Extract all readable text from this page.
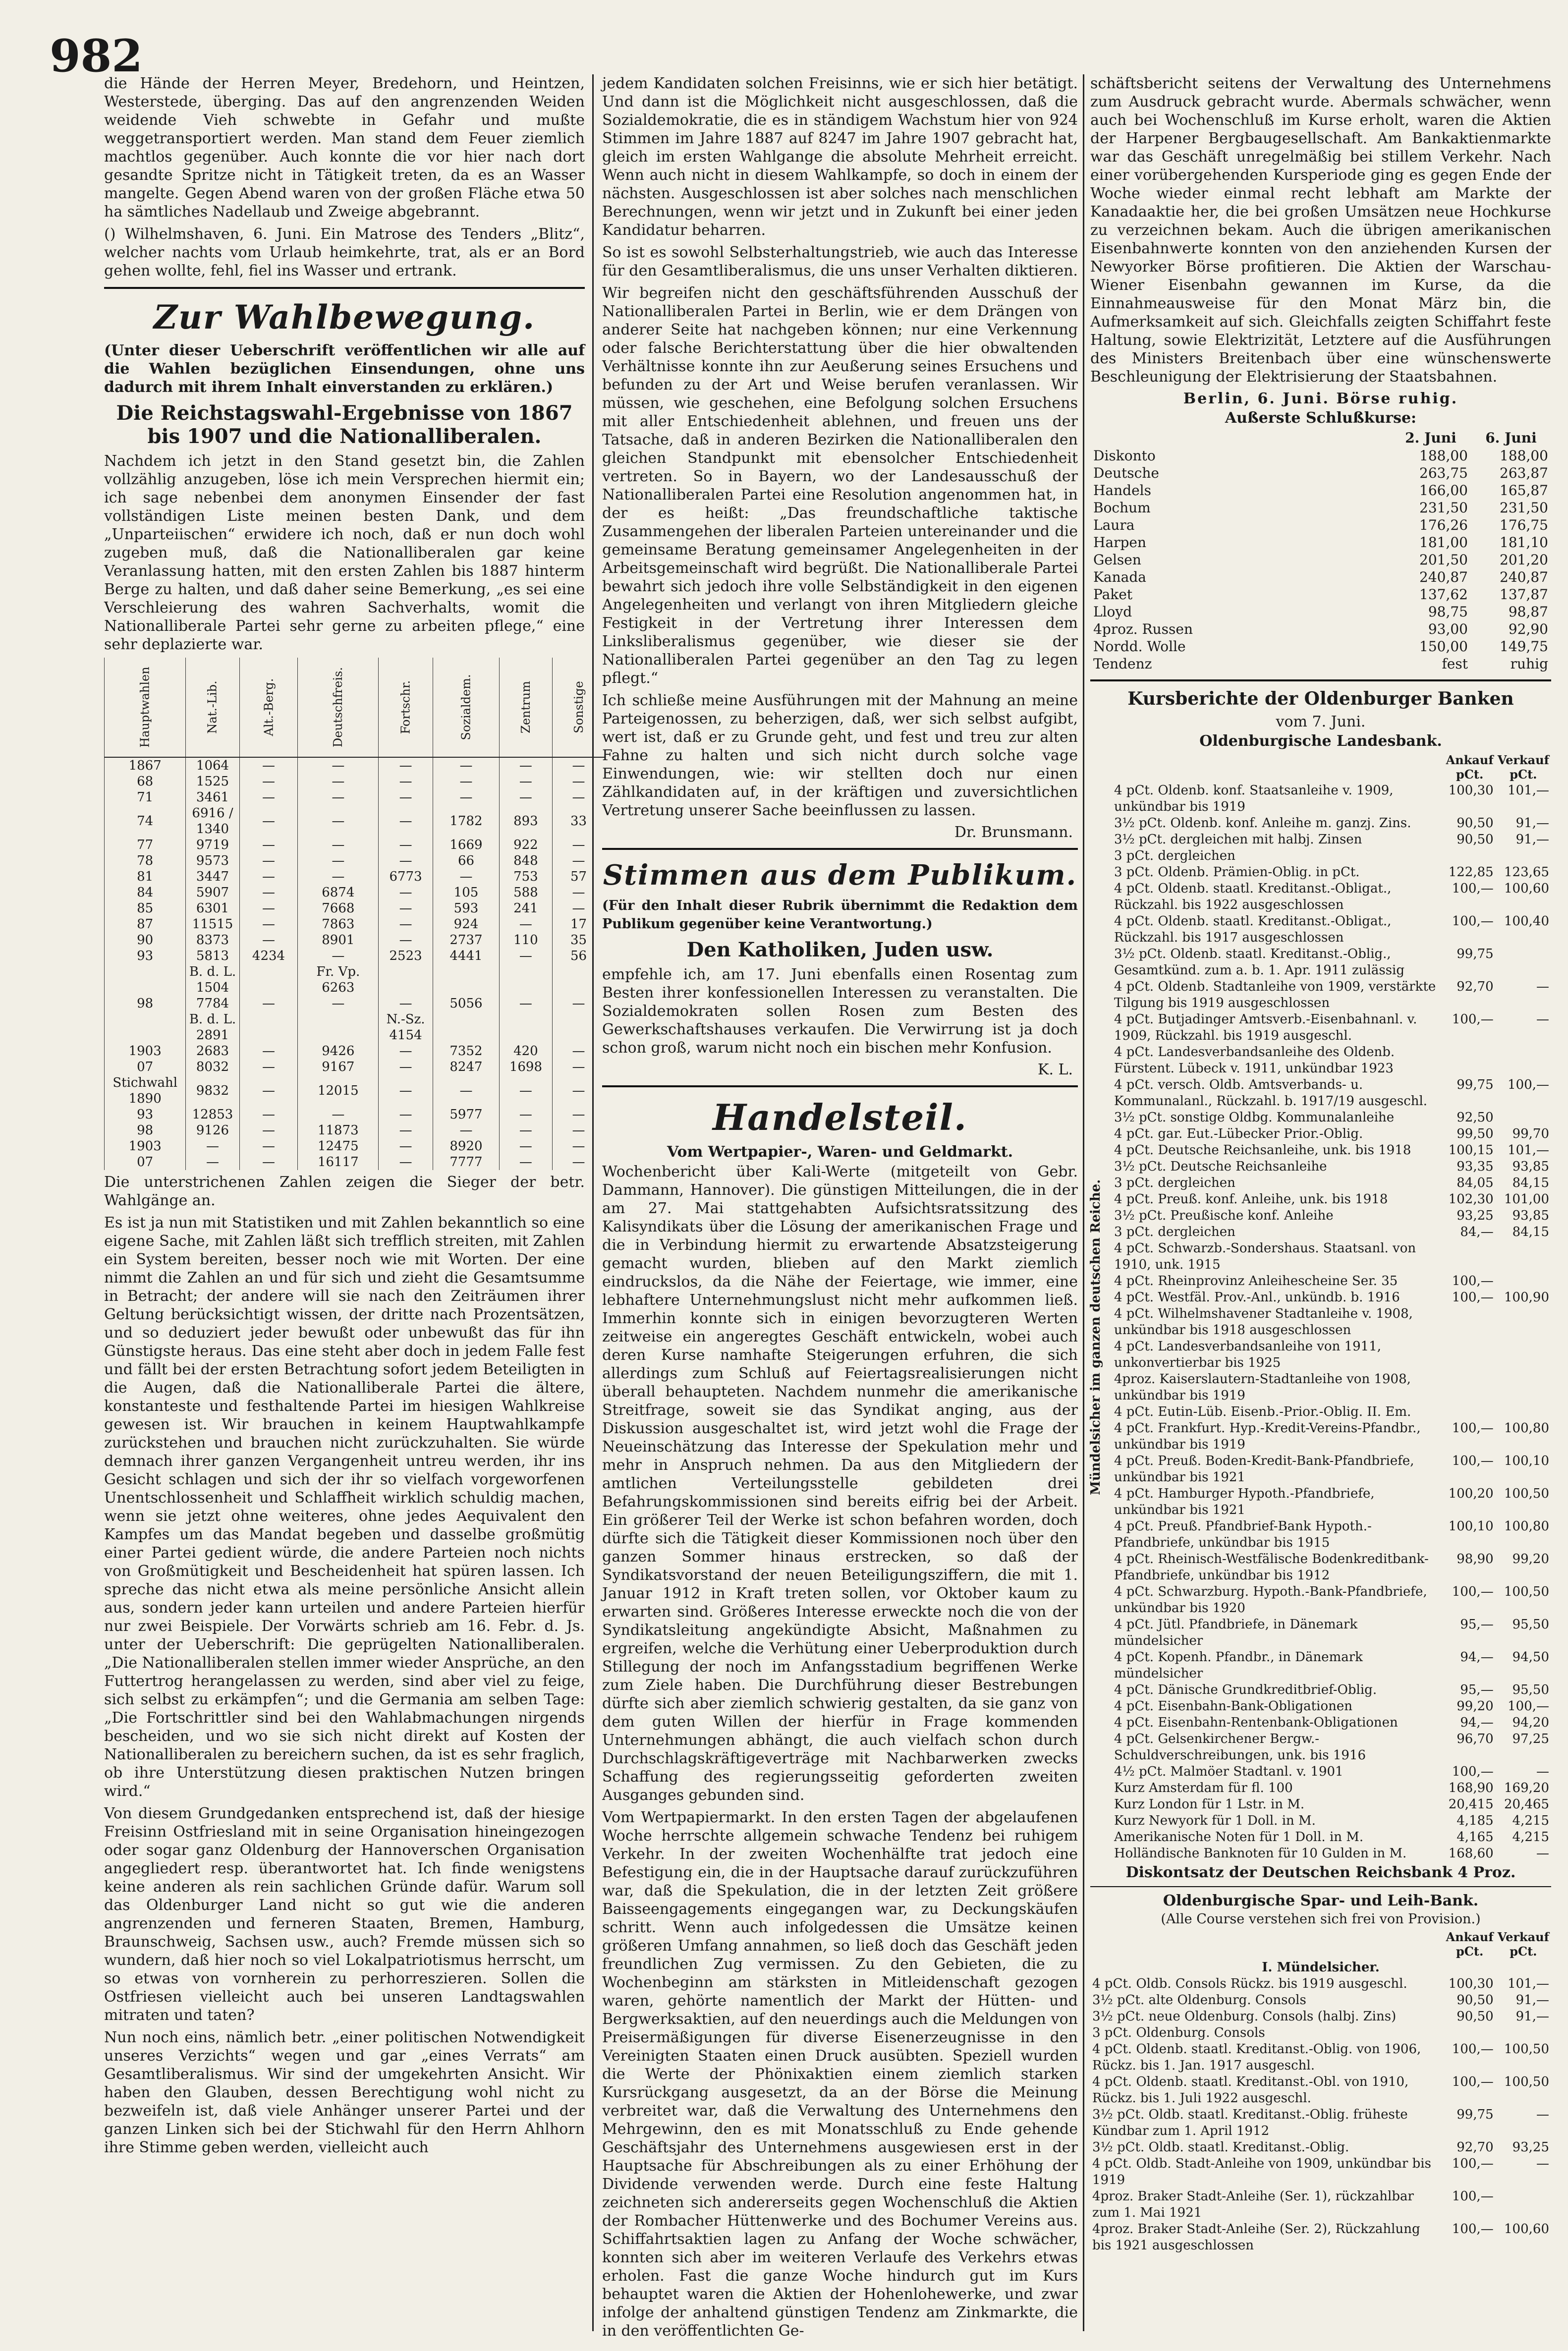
982

die Hände der Herren Meyer, Bredehorn, und Heintzen, Westerstede, überging. Das auf den angrenzenden Weiden weidende Vieh schwebte in Gefahr und mußte weggetransportiert werden. Man stand dem Feuer ziemlich machtlos gegenüber. Auch konnte die vor hier nach dort gesandte Spritze nicht in Tätigkeit treten, da es an Wasser mangelte. Gegen Abend waren von der großen Fläche etwa 50 ha sämtliches Nadellaub und Zweige abgebrannt.

() Wilhelmshaven, 6. Juni. Ein Matrose des Tenders „Blitz“, welcher nachts vom Urlaub heimkehrte, trat, als er an Bord gehen wollte, fehl, fiel ins Wasser und ertrank.

Zur Wahlbewegung.

(Unter dieser Ueberschrift veröffentlichen wir alle auf die Wahlen bezüglichen Einsendungen, ohne uns dadurch mit ihrem Inhalt einverstanden zu erklären.)

Die Reichstagswahl-Ergebnisse von 1867 bis 1907 und die Nationalliberalen.

Nachdem ich jetzt in den Stand gesetzt bin, die Zahlen vollzählig anzugeben, löse ich mein Versprechen hiermit ein; ich sage nebenbei dem anonymen Einsender der fast vollständigen Liste meinen besten Dank, und dem „Unparteiischen“ erwidere ich noch, daß er nun doch wohl zugeben muß, daß die Nationalliberalen gar keine Veranlassung hatten, mit den ersten Zahlen bis 1887 hinterm Berge zu halten, und daß daher seine Bemerkung, „es sei eine Verschleierung des wahren Sachverhalts, womit die Nationalliberale Partei sehr gerne zu arbeiten pflege,“ eine sehr deplazierte war.

Hauptwahlen	Nat.-Lib.	Alt.-Berg.	Deutschfreis.	Fortschr.	Sozialdem.	Zentrum	Sonstige
1867	1064	—	—	—	—	—	—
68	1525	—	—	—	—	—	—
71	3461	—	—	—	—	—	—
74	6916 / 1340	—	—	—	1782	893	33
77	9719	—	—	—	1669	922	—
78	9573	—	—	—	66	848	—
81	3447	—	—	6773	—	753	57
84	5907	—	6874	—	105	588	—
85	6301	—	7668	—	593	241	—
87	11515	—	7863	—	924	—	17
90	8373	—	8901	—	2737	110	35
93	5813	4234	—	2523	4441	—	56
	B. d. L. 1504		Fr. Vp. 6263				
98	7784	—	—	—	5056	—	—
	B. d. L. 2891			N.-Sz. 4154			
1903	2683	—	9426	—	7352	420	—
07	8032	—	9167	—	8247	1698	—
Stichwahl 1890	9832	—	12015	—	—	—	—
93	12853	—	—	—	5977	—	—
98	9126	—	11873	—	—	—	—
1903	—	—	12475	—	8920	—	—
07	—	—	16117	—	7777	—	—

Die unterstrichenen Zahlen zeigen die Sieger der betr. Wahlgänge an.

Es ist ja nun mit Statistiken und mit Zahlen bekanntlich so eine eigene Sache, mit Zahlen läßt sich trefflich streiten, mit Zahlen ein System bereiten, besser noch wie mit Worten. Der eine nimmt die Zahlen an und für sich und zieht die Gesamtsumme in Betracht; der andere will sie nach den Zeiträumen ihrer Geltung berücksichtigt wissen, der dritte nach Prozentsätzen, und so deduziert jeder bewußt oder unbewußt das für ihn Günstigste heraus. Das eine steht aber doch in jedem Falle fest und fällt bei der ersten Betrachtung sofort jedem Beteiligten in die Augen, daß die Nationalliberale Partei die ältere, konstanteste und festhaltende Partei im hiesigen Wahlkreise gewesen ist. Wir brauchen in keinem Hauptwahlkampfe zurückstehen und brauchen nicht zurückzuhalten. Sie würde demnach ihrer ganzen Vergangenheit untreu werden, ihr ins Gesicht schlagen und sich der ihr so vielfach vorgeworfenen Unentschlossenheit und Schlaffheit wirklich schuldig machen, wenn sie jetzt ohne weiteres, ohne jedes Aequivalent den Kampfes um das Mandat begeben und dasselbe großmütig einer Partei gedient würde, die andere Parteien noch nichts von Großmütigkeit und Bescheidenheit hat spüren lassen. Ich spreche das nicht etwa als meine persönliche Ansicht allein aus, sondern jeder kann urteilen und andere Parteien hierfür nur zwei Beispiele. Der Vorwärts schrieb am 16. Febr. d. Js. unter der Ueberschrift: Die geprügelten Nationalliberalen. „Die Nationalliberalen stellen immer wieder Ansprüche, an den Futtertrog herangelassen zu werden, sind aber viel zu feige, sich selbst zu erkämpfen“; und die Germania am selben Tage: „Die Fortschrittler sind bei den Wahlabmachungen nirgends bescheiden, und wo sie sich nicht direkt auf Kosten der Nationalliberalen zu bereichern suchen, da ist es sehr fraglich, ob ihre Unterstützung diesen praktischen Nutzen bringen wird.“

Von diesem Grundgedanken entsprechend ist, daß der hiesige Freisinn Ostfriesland mit in seine Organisation hineingezogen oder sogar ganz Oldenburg der Hannoverschen Organisation angegliedert resp. überantwortet hat. Ich finde wenigstens keine anderen als rein sachlichen Gründe dafür. Warum soll das Oldenburger Land nicht so gut wie die anderen angrenzenden und ferneren Staaten, Bremen, Hamburg, Braunschweig, Sachsen usw., auch? Fremde müssen sich so wundern, daß hier noch so viel Lokalpatriotismus herrscht, um so etwas von vornherein zu perhorreszieren. Sollen die Ostfriesen vielleicht auch bei unseren Landtagswahlen mitraten und taten?

Nun noch eins, nämlich betr. „einer politischen Notwendigkeit unseres Verzichts“ wegen und gar „eines Verrats“ am Gesamtliberalismus. Wir sind der umgekehrten Ansicht. Wir haben den Glauben, dessen Berechtigung wohl nicht zu bezweifeln ist, daß viele Anhänger unserer Partei und der ganzen Linken sich bei der Stichwahl für den Herrn Ahlhorn ihre Stimme geben werden, vielleicht auch

jedem Kandidaten solchen Freisinns, wie er sich hier betätigt. Und dann ist die Möglichkeit nicht ausgeschlossen, daß die Sozialdemokratie, die es in ständigem Wachstum hier von 924 Stimmen im Jahre 1887 auf 8247 im Jahre 1907 gebracht hat, gleich im ersten Wahlgange die absolute Mehrheit erreicht. Wenn auch nicht in diesem Wahlkampfe, so doch in einem der nächsten. Ausgeschlossen ist aber solches nach menschlichen Berechnungen, wenn wir jetzt und in Zukunft bei einer jeden Kandidatur beharren.

So ist es sowohl Selbsterhaltungstrieb, wie auch das Interesse für den Gesamtliberalismus, die uns unser Verhalten diktieren.

Wir begreifen nicht den geschäftsführenden Ausschuß der Nationalliberalen Partei in Berlin, wie er dem Drängen von anderer Seite hat nachgeben können; nur eine Verkennung oder falsche Berichterstattung über die hier obwaltenden Verhältnisse konnte ihn zur Aeußerung seines Ersuchens und befunden zu der Art und Weise berufen veranlassen. Wir müssen, wie geschehen, eine Befolgung solchen Ersuchens mit aller Entschiedenheit ablehnen, und freuen uns der Tatsache, daß in anderen Bezirken die Nationalliberalen den gleichen Standpunkt mit ebensolcher Entschiedenheit vertreten. So in Bayern, wo der Landesausschuß der Nationalliberalen Partei eine Resolution angenommen hat, in der es heißt: „Das freundschaftliche taktische Zusammengehen der liberalen Parteien untereinander und die gemeinsame Beratung gemeinsamer Angelegenheiten in der Arbeitsgemeinschaft wird begrüßt. Die Nationalliberale Partei bewahrt sich jedoch ihre volle Selbständigkeit in den eigenen Angelegenheiten und verlangt von ihren Mitgliedern gleiche Festigkeit in der Vertretung ihrer Interessen dem Linksliberalismus gegenüber, wie dieser sie der Nationalliberalen Partei gegenüber an den Tag zu legen pflegt.“

Ich schließe meine Ausführungen mit der Mahnung an meine Parteigenossen, zu beherzigen, daß, wer sich selbst aufgibt, wert ist, daß er zu Grunde geht, und fest und treu zur alten Fahne zu halten und sich nicht durch solche vage Einwendungen, wie: wir stellten doch nur einen Zählkandidaten auf, in der kräftigen und zuversichtlichen Vertretung unserer Sache beeinflussen zu lassen.

Dr. Brunsmann.
Stimmen aus dem Publikum.

(Für den Inhalt dieser Rubrik übernimmt die Redaktion dem Publikum gegenüber keine Verantwortung.)

Den Katholiken, Juden usw.

empfehle ich, am 17. Juni ebenfalls einen Rosentag zum Besten ihrer konfessionellen Interessen zu veranstalten. Die Sozialdemokraten sollen Rosen zum Besten des Gewerkschaftshauses verkaufen. Die Verwirrung ist ja doch schon groß, warum nicht noch ein bischen mehr Konfusion.

K. L.
Handelsteil.
Vom Wertpapier-, Waren- und Geldmarkt.

Wochenbericht über Kali-Werte (mitgeteilt von Gebr. Dammann, Hannover). Die günstigen Mitteilungen, die in der am 27. Mai stattgehabten Aufsichtsratssitzung des Kalisyndikats über die Lösung der amerikanischen Frage und die in Verbindung hiermit zu erwartende Absatzsteigerung gemacht wurden, blieben auf den Markt ziemlich eindruckslos, da die Nähe der Feiertage, wie immer, eine lebhaftere Unternehmungslust nicht mehr aufkommen ließ. Immerhin konnte sich in einigen bevorzugteren Werten zeitweise ein angeregtes Geschäft entwickeln, wobei auch deren Kurse namhafte Steigerungen erfuhren, die sich allerdings zum Schluß auf Feiertagsrealisierungen nicht überall behaupteten. Nachdem nunmehr die amerikanische Streitfrage, soweit sie das Syndikat anging, aus der Diskussion ausgeschaltet ist, wird jetzt wohl die Frage der Neueinschätzung das Interesse der Spekulation mehr und mehr in Anspruch nehmen. Da aus den Mitgliedern der amtlichen Verteilungsstelle gebildeten drei Befahrungskommissionen sind bereits eifrig bei der Arbeit. Ein größerer Teil der Werke ist schon befahren worden, doch dürfte sich die Tätigkeit dieser Kommissionen noch über den ganzen Sommer hinaus erstrecken, so daß der Syndikatsvorstand der neuen Beteiligungsziffern, die mit 1. Januar 1912 in Kraft treten sollen, vor Oktober kaum zu erwarten sind. Größeres Interesse erweckte noch die von der Syndikatsleitung angekündigte Absicht, Maßnahmen zu ergreifen, welche die Verhütung einer Ueberproduktion durch Stillegung der noch im Anfangsstadium begriffenen Werke zum Ziele haben. Die Durchführung dieser Bestrebungen dürfte sich aber ziemlich schwierig gestalten, da sie ganz von dem guten Willen der hierfür in Frage kommenden Unternehmungen abhängt, die auch vielfach schon durch Durchschlagskräftigeverträge mit Nachbarwerken zwecks Schaffung des regierungsseitig geforderten zweiten Ausganges gebunden sind.

Vom Wertpapiermarkt. In den ersten Tagen der abgelaufenen Woche herrschte allgemein schwache Tendenz bei ruhigem Verkehr. In der zweiten Wochenhälfte trat jedoch eine Befestigung ein, die in der Hauptsache darauf zurückzuführen war, daß die Spekulation, die in der letzten Zeit größere Baisseengagements eingegangen war, zu Deckungskäufen schritt. Wenn auch infolgedessen die Umsätze keinen größeren Umfang annahmen, so ließ doch das Geschäft jeden freundlichen Zug vermissen. Zu den Gebieten, die zu Wochenbeginn am stärksten in Mitleidenschaft gezogen waren, gehörte namentlich der Markt der Hütten- und Bergwerksaktien, auf den neuerdings auch die Meldungen von Preisermäßigungen für diverse Eisenerzeugnisse in den Vereinigten Staaten einen Druck ausübten. Speziell wurden die Werte der Phönixaktien einem ziemlich starken Kursrückgang ausgesetzt, da an der Börse die Meinung verbreitet war, daß die Verwaltung des Unternehmens den Mehrgewinn, den es mit Monatsschluß zu Ende gehende Geschäftsjahr des Unternehmens ausgewiesen erst in der Hauptsache für Abschreibungen als zu einer Erhöhung der Dividende verwenden werde. Durch eine feste Haltung zeichneten sich andererseits gegen Wochenschluß die Aktien der Rombacher Hüttenwerke und des Bochumer Vereins aus. Schiffahrtsaktien lagen zu Anfang der Woche schwächer, konnten sich aber im weiteren Verlaufe des Verkehrs etwas erholen. Fast die ganze Woche hindurch gut im Kurs behauptet waren die Aktien der Hohenlohewerke, und zwar infolge der anhaltend günstigen Tendenz am Zinkmarkte, die in den veröffentlichten Ge-

schäftsbericht seitens der Verwaltung des Unternehmens zum Ausdruck gebracht wurde. Abermals schwächer, wenn auch bei Wochenschluß im Kurse erholt, waren die Aktien der Harpener Bergbaugesellschaft. Am Bankaktienmarkte war das Geschäft unregelmäßig bei stillem Verkehr. Nach einer vorübergehenden Kursperiode ging es gegen Ende der Woche wieder einmal recht lebhaft am Markte der Kanadaaktie her, die bei großen Umsätzen neue Hochkurse zu verzeichnen bekam. Auch die übrigen amerikanischen Eisenbahnwerte konnten von den anziehenden Kursen der Newyorker Börse profitieren. Die Aktien der Warschau-Wiener Eisenbahn gewannen im Kurse, da die Einnahmeausweise für den Monat März bin, die Aufmerksamkeit auf sich. Gleichfalls zeigten Schiffahrt feste Haltung, sowie Elektrizität, Letztere auf die Ausführungen des Ministers Breitenbach über eine wünschenswerte Beschleunigung der Elektrisierung der Staatsbahnen.

Berlin, 6. Juni. Börse ruhig.
Außerste Schlußkurse:
	2. Juni	6. Juni
Diskonto	188,00	188,00
Deutsche	263,75	263,87
Handels	166,00	165,87
Bochum	231,50	231,50
Laura	176,26	176,75
Harpen	181,00	181,10
Gelsen	201,50	201,20
Kanada	240,87	240,87
Paket	137,62	137,87
Lloyd	98,75	98,87
4proz. Russen	93,00	92,90
Nordd. Wolle	150,00	149,75
Tendenz	fest	ruhig
Kursberichte der Oldenburger Banken
vom 7. Juni.
Oldenburgische Landesbank.
Mündelsicher im ganzen deutschen Reiche.
	Ankauf pCt.	Verkauf pCt.
4 pCt. Oldenb. konf. Staatsanleihe v. 1909, unkündbar bis 1919	100,30	101,—
3½ pCt. Oldenb. konf. Anleihe m. ganzj. Zins.	90,50	91,—
3½ pCt. dergleichen mit halbj. Zinsen	90,50	91,—
3 pCt. dergleichen		
3 pCt. Oldenb. Prämien-Oblig. in pCt.	122,85	123,65
4 pCt. Oldenb. staatl. Kreditanst.-Obligat., Rückzahl. bis 1922 ausgeschlossen	100,—	100,60
4 pCt. Oldenb. staatl. Kreditanst.-Obligat., Rückzahl. bis 1917 ausgeschlossen	100,—	100,40
3½ pCt. Oldenb. staatl. Kreditanst.-Oblig., Gesamtkünd. zum a. b. 1. Apr. 1911 zulässig	99,75	
4 pCt. Oldenb. Stadtanleihe von 1909, verstärkte Tilgung bis 1919 ausgeschlossen	92,70	—
4 pCt. Butjadinger Amtsverb.-Eisenbahnanl. v. 1909, Rückzahl. bis 1919 ausgeschl.	100,—	—
4 pCt. Landesverbandsanleihe des Oldenb. Fürstent. Lübeck v. 1911, unkündbar 1923		
4 pCt. versch. Oldb. Amtsverbands- u. Kommunalanl., Rückzahl. b. 1917/19 ausgeschl.	99,75	100,—
3½ pCt. sonstige Oldbg. Kommunalanleihe	92,50	
4 pCt. gar. Eut.-Lübecker Prior.-Oblig.	99,50	99,70
4 pCt. Deutsche Reichsanleihe, unk. bis 1918	100,15	101,—
3½ pCt. Deutsche Reichsanleihe	93,35	93,85
3 pCt. dergleichen	84,05	84,15
4 pCt. Preuß. konf. Anleihe, unk. bis 1918	102,30	101,00
3½ pCt. Preußische konf. Anleihe	93,25	93,85
3 pCt. dergleichen	84,—	84,15
4 pCt. Schwarzb.-Sondershaus. Staatsanl. von 1910, unk. 1915		
4 pCt. Rheinprovinz Anleihescheine Ser. 35	100,—	
4 pCt. Westfäl. Prov.-Anl., unkündb. b. 1916	100,—	100,90
4 pCt. Wilhelmshavener Stadtanleihe v. 1908, unkündbar bis 1918 ausgeschlossen		
4 pCt. Landesverbandsanleihe von 1911, unkonvertierbar bis 1925		
4proz. Kaiserslautern-Stadtanleihe von 1908, unkündbar bis 1919		
4 pCt. Eutin-Lüb. Eisenb.-Prior.-Oblig. II. Em.		
4 pCt. Frankfurt. Hyp.-Kredit-Vereins-Pfandbr., unkündbar bis 1919	100,—	100,80
4 pCt. Preuß. Boden-Kredit-Bank-Pfandbriefe, unkündbar bis 1921	100,—	100,10
4 pCt. Hamburger Hypoth.-Pfandbriefe, unkündbar bis 1921	100,20	100,50
4 pCt. Preuß. Pfandbrief-Bank Hypoth.-Pfandbriefe, unkündbar bis 1915	100,10	100,80
4 pCt. Rheinisch-Westfälische Bodenkreditbank-Pfandbriefe, unkündbar bis 1912	98,90	99,20
4 pCt. Schwarzburg. Hypoth.-Bank-Pfandbriefe, unkündbar bis 1920	100,—	100,50
4 pCt. Jütl. Pfandbriefe, in Dänemark mündelsicher	95,—	95,50
4 pCt. Kopenh. Pfandbr., in Dänemark mündelsicher	94,—	94,50
4 pCt. Dänische Grundkreditbrief-Oblig.	95,—	95,50
4 pCt. Eisenbahn-Bank-Obligationen	99,20	100,—
4 pCt. Eisenbahn-Rentenbank-Obligationen	94,—	94,20
4 pCt. Gelsenkirchener Bergw.-Schuldverschreibungen, unk. bis 1916	96,70	97,25
4½ pCt. Malmöer Stadtanl. v. 1901	100,—	—
Kurz Amsterdam für fl. 100	168,90	169,20
Kurz London für 1 Lstr. in M.	20,415	20,465
Kurz Newyork für 1 Doll. in M.	4,185	4,215
Amerikanische Noten für 1 Doll. in M.	4,165	4,215
Holländische Banknoten für 10 Gulden in M.	168,60	—
Diskontsatz der Deutschen Reichsbank 4 Proz.
Oldenburgische Spar- und Leih-Bank.
(Alle Course verstehen sich frei von Provision.)
	Ankauf pCt.	Verkauf pCt.
I. Mündelsicher.		
4 pCt. Oldb. Consols Rückz. bis 1919 ausgeschl.	100,30	101,—
3½ pCt. alte Oldenburg. Consols	90,50	91,—
3½ pCt. neue Oldenburg. Consols (halbj. Zins)	90,50	91,—
3 pCt. Oldenburg. Consols		
4 pCt. Oldenb. staatl. Kreditanst.-Oblig. von 1906, Rückz. bis 1. Jan. 1917 ausgeschl.	100,—	100,50
4 pCt. Oldenb. staatl. Kreditanst.-Obl. von 1910, Rückz. bis 1. Juli 1922 ausgeschl.	100,—	100,50
3½ pCt. Oldb. staatl. Kreditanst.-Oblig. früheste Kündbar zum 1. April 1912	99,75	—
3½ pCt. Oldb. staatl. Kreditanst.-Oblig.	92,70	93,25
4 pCt. Oldb. Stadt-Anleihe von 1909, unkündbar bis 1919	100,—	—
4proz. Braker Stadt-Anleihe (Ser. 1), rückzahlbar zum 1. Mai 1921	100,—	
4proz. Braker Stadt-Anleihe (Ser. 2), Rückzahlung bis 1921 ausgeschlossen	100,—	100,60
